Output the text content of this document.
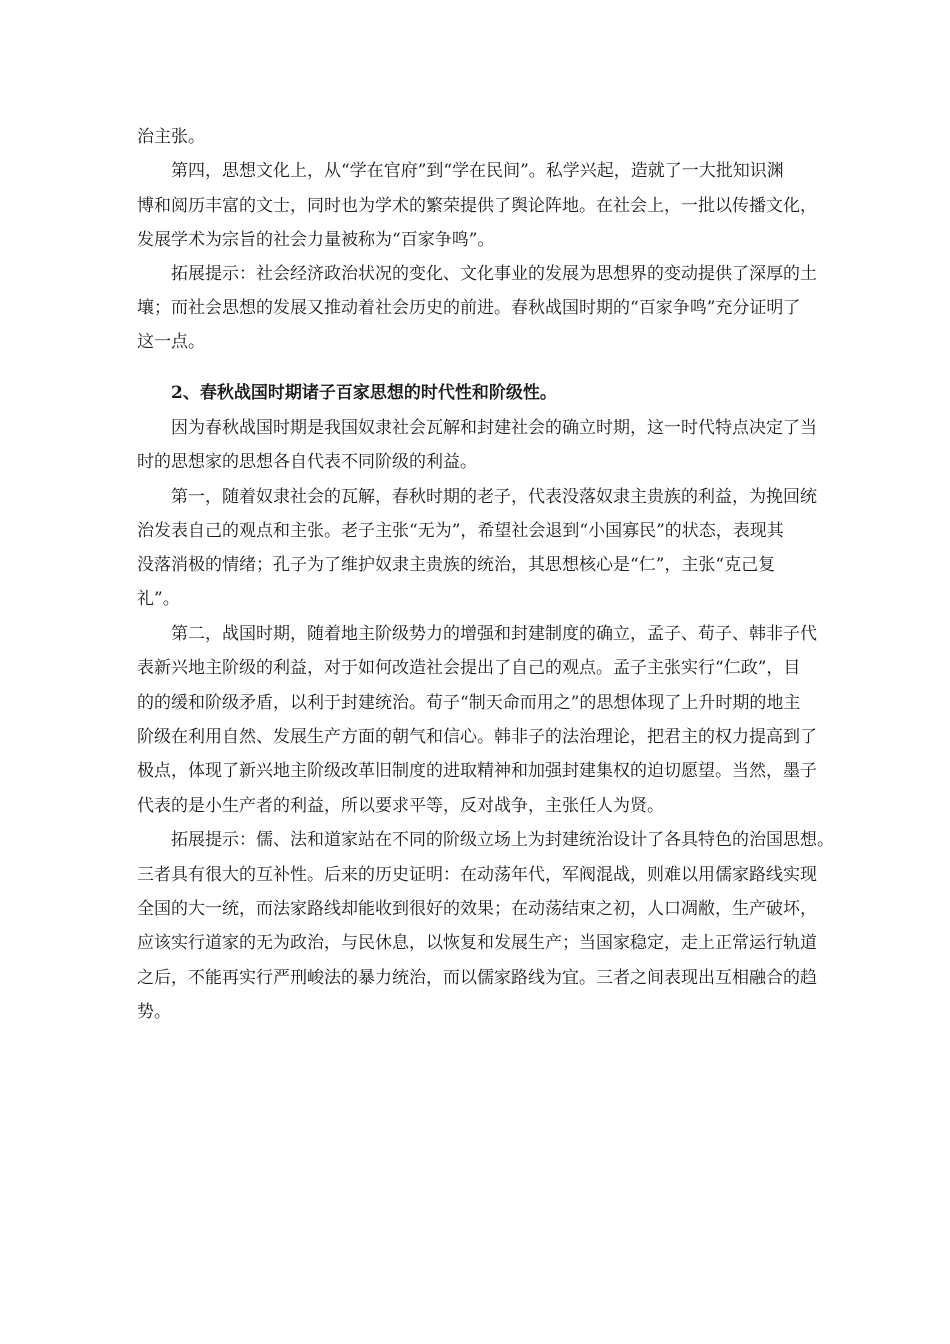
治主张。
第四，思想文化上，从“学在官府”到“学在民间”。私学兴起，造就了一大批知识渊
博和阅历丰富的文士，同时也为学术的繁荣提供了舆论阵地。在社会上，一批以传播文化，
发展学术为宗旨的社会力量被称为“百家争鸣”。
拓展提示：社会经济政治状况的变化、文化事业的发展为思想界的变动提供了深厚的土
壤；而社会思想的发展又推动着社会历史的前进。春秋战国时期的“百家争鸣”充分证明了
这一点。
2、春秋战国时期诸子百家思想的时代性和阶级性。
因为春秋战国时期是我国奴隶社会瓦解和封建社会的确立时期，这一时代特点决定了当
时的思想家的思想各自代表不同阶级的利益。
第一，随着奴隶社会的瓦解，春秋时期的老子，代表没落奴隶主贵族的利益，为挽回统
治发表自己的观点和主张。老子主张“无为”，希望社会退到“小国寡民”的状态，表现其
没落消极的情绪；孔子为了维护奴隶主贵族的统治，其思想核心是“仁”，主张“克己复
礼”。
第二，战国时期，随着地主阶级势力的增强和封建制度的确立，孟子、荀子、韩非子代
表新兴地主阶级的利益，对于如何改造社会提出了自己的观点。孟子主张实行“仁政”，目
的的缓和阶级矛盾，以利于封建统治。荀子“制天命而用之”的思想体现了上升时期的地主
阶级在利用自然、发展生产方面的朝气和信心。韩非子的法治理论，把君主的权力提高到了
极点，体现了新兴地主阶级改革旧制度的进取精神和加强封建集权的迫切愿望。当然，墨子
代表的是小生产者的利益，所以要求平等，反对战争，主张任人为贤。
拓展提示：儒、法和道家站在不同的阶级立场上为封建统治设计了各具特色的治国思想。
三者具有很大的互补性。后来的历史证明：在动荡年代，军阀混战，则难以用儒家路线实现
全国的大一统，而法家路线却能收到很好的效果；在动荡结束之初，人口凋敝，生产破坏，
应该实行道家的无为政治，与民休息，以恢复和发展生产；当国家稳定，走上正常运行轨道
之后，不能再实行严刑峻法的暴力统治，而以儒家路线为宜。三者之间表现出互相融合的趋
势。
